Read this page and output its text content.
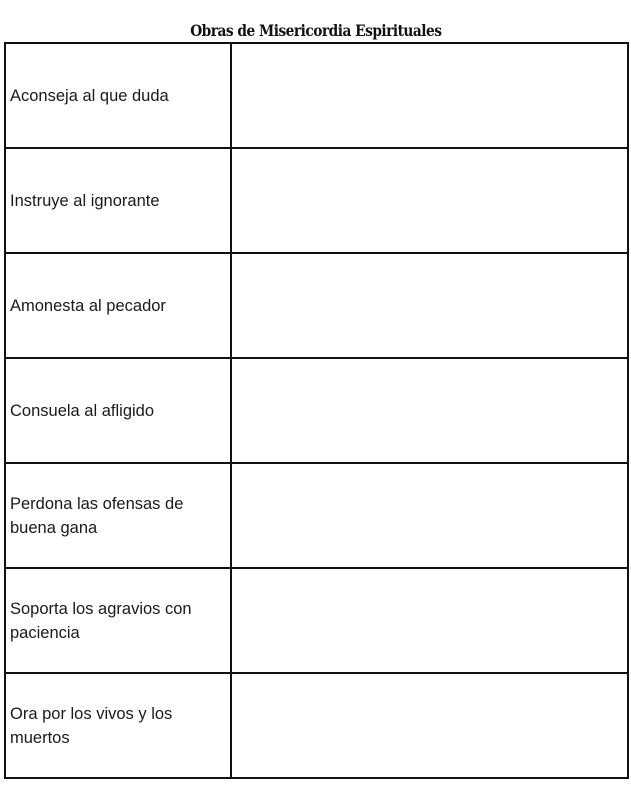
Obras de Misericordia Espirituales
Aconseja al que duda	
Instruye al ignorante	
Amonesta al pecador	
Consuela al afligido	
Perdona las ofensas de buena gana	
Soporta los agravios con paciencia	
Ora por los vivos y los muertos	
